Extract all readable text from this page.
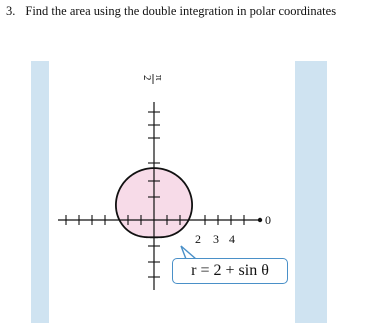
3. Find the area using the double integration in polar coordinates
π
2
0
2 3 4
r = 2 + sin θ
